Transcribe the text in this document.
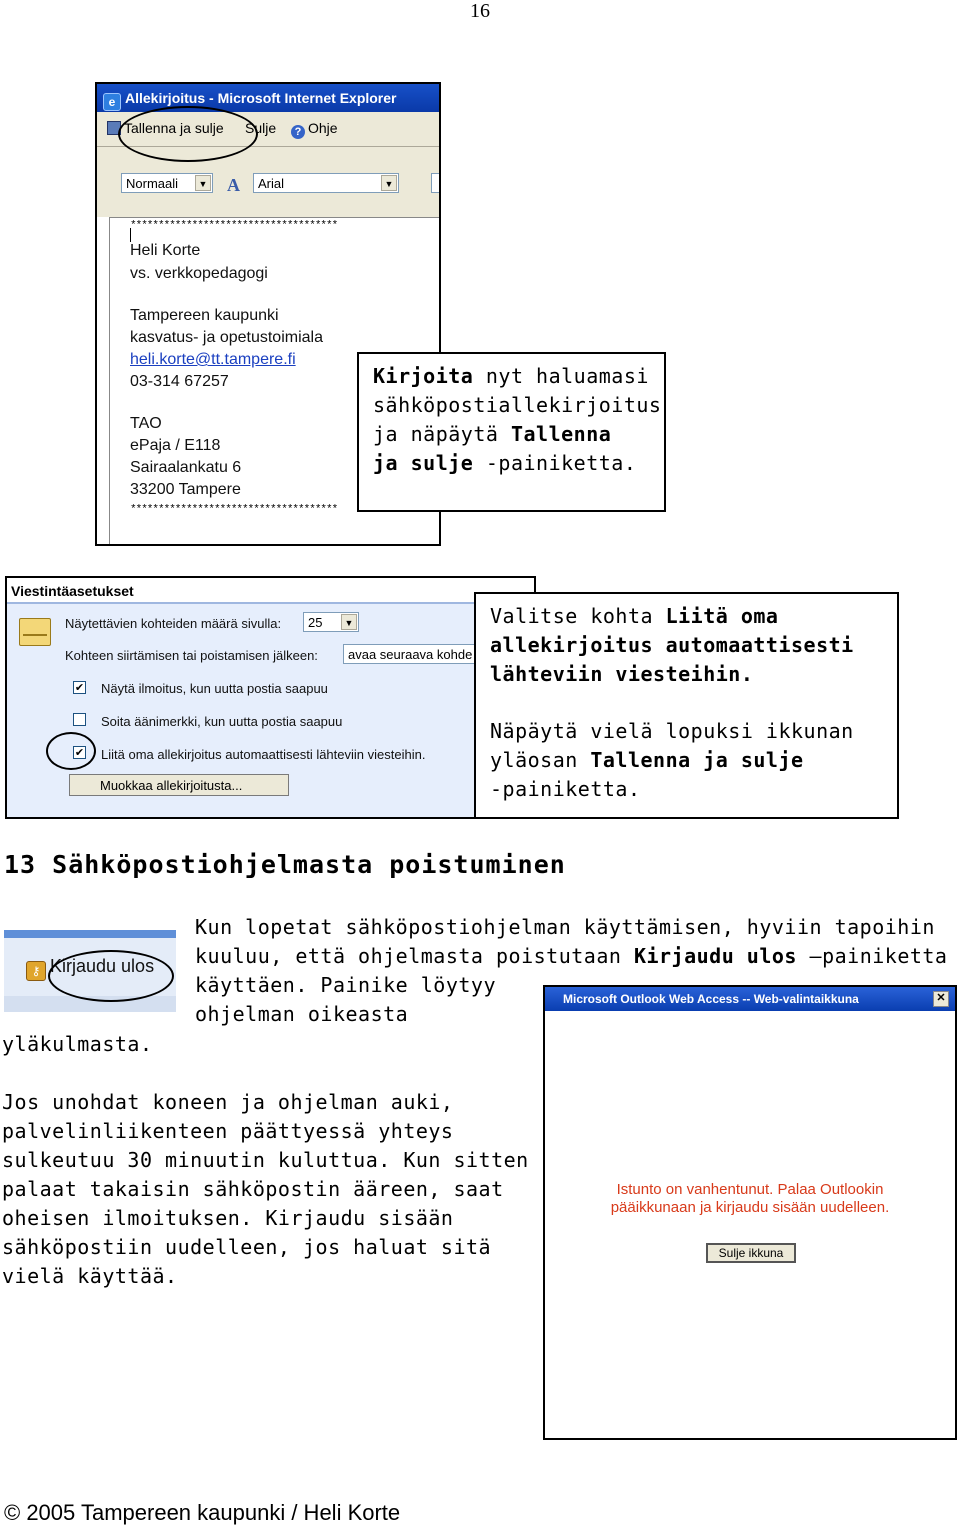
16
e Allekirjoitus - Microsoft Internet Explorer
Tallenna ja sulje Sulje	? Ohje
Normaali	▼ A	Arial	▼
*************************************
Heli Korte
vs. verkkopedagogi
Tampereen kaupunki
kasvatus- ja opetustoimiala
heli.korte@tt.tampere.fi
03-314 67257
TAO
ePaja / E118
Sairaalankatu 6
33200 Tampere
*************************************
Kirjoita nyt haluamasi
sähköpostiallekirjoitus
ja näpäytä Tallenna
ja sulje -painiketta.
Viestintäasetukset
Näytettävien kohteiden määrä sivulla:	25	▼
Kohteen siirtämisen tai poistamisen jälkeen:	avaa seuraava kohde
✔ Näytä ilmoitus, kun uutta postia saapuu
Soita äänimerkki, kun uutta postia saapuu
✔ Liitä oma allekirjoitus automaattisesti lähteviin viesteihin.
Muokkaa allekirjoitusta...
Valitse kohta Liitä oma
allekirjoitus automaattisesti
lähteviin viesteihin.
Näpäytä vielä lopuksi ikkunan
yläosan Tallenna ja sulje
-painiketta.
13 Sähköpostiohjelmasta poistuminen
⚷ Kirjaudu ulos
Kun lopetat sähköpostiohjelman käyttämisen, hyviin tapoihin
kuuluu, että ohjelmasta poistutaan Kirjaudu ulos –painiketta
käyttäen. Painike löytyy
ohjelman oikeasta
yläkulmasta.
Jos unohdat koneen ja ohjelman auki,
palvelinliikenteen päättyessä yhteys
sulkeutuu 30 minuutin kuluttua. Kun sitten
palaat takaisin sähköpostin ääreen, saat
oheisen ilmoituksen. Kirjaudu sisään
sähköpostiin uudelleen, jos haluat sitä
vielä käyttää.
Microsoft Outlook Web Access -- Web-valintaikkuna	✕
Istunto on vanhentunut. Palaa Outlookin
pääikkunaan ja kirjaudu sisään uudelleen.
Sulje ikkuna
© 2005 Tampereen kaupunki / Heli Korte
